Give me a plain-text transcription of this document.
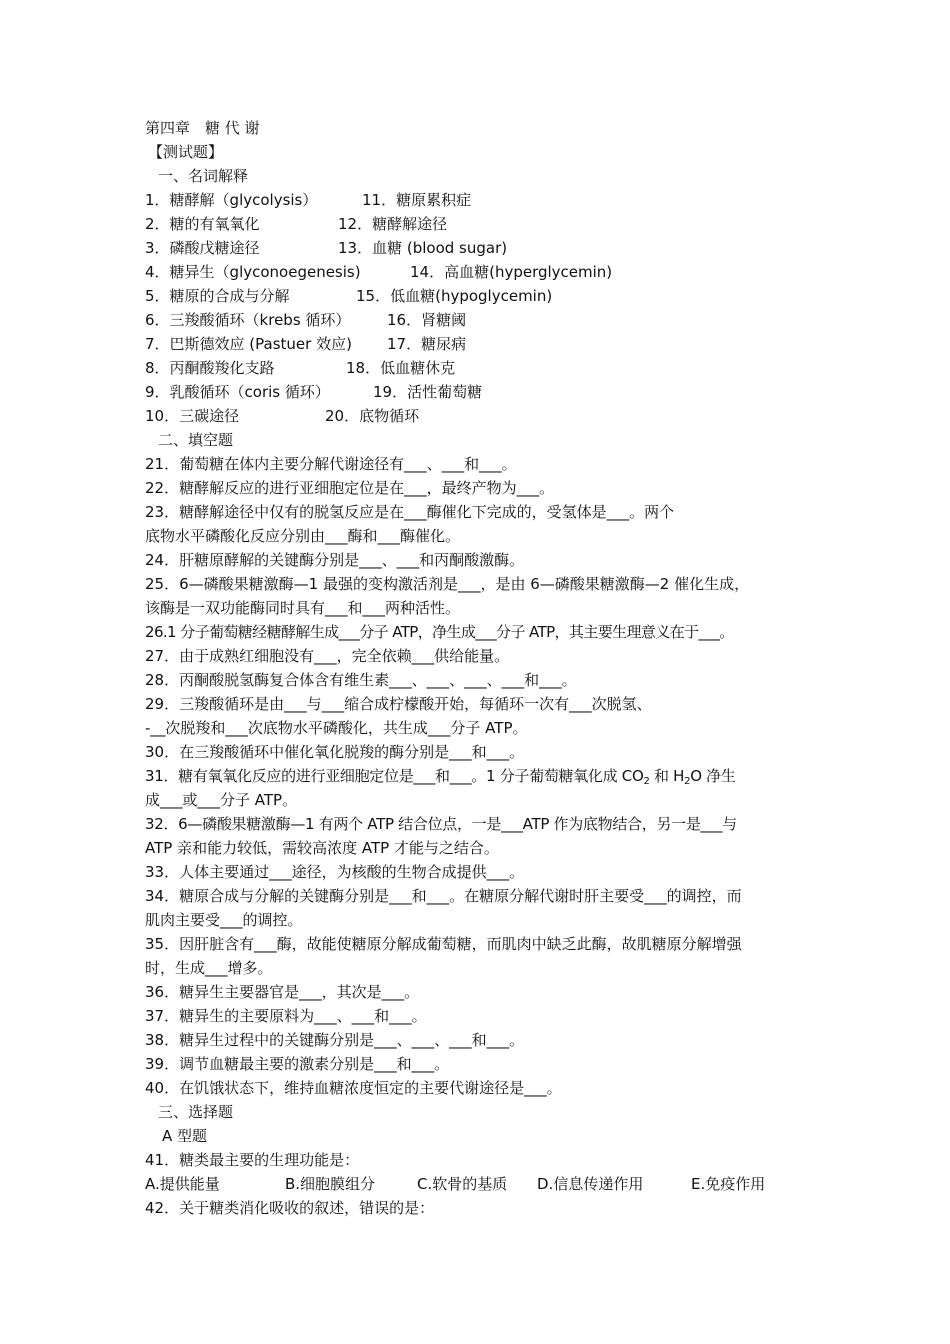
第四章　糖 代 谢
【测试题】
一、名词解释
1．糖酵解（glycolysis）	11．糖原累积症
2．糖的有氧氧化	12．糖酵解途径
3．磷酸戊糖途径	13．血糖 (blood sugar)
4．糖异生（glyconoegenesis)	14．高血糖(hyperglycemin)
5．糖原的合成与分解	15．低血糖(hypoglycemin)
6．三羧酸循环（krebs 循环） 16．肾糖阈
7．巴斯德效应 (Pastuer 效应) 17．糖尿病
8．丙酮酸羧化支路	18．低血糖休克
9．乳酸循环（coris 循环）	19．活性葡萄糖
10．三碳途径	20．底物循环
二、填空题
21．葡萄糖在体内主要分解代谢途径有___、___和___。
22．糖酵解反应的进行亚细胞定位是在___，最终产物为___。
23．糖酵解途径中仅有的脱氢反应是在___酶催化下完成的，受氢体是___。两个
底物水平磷酸化反应分别由___酶和___酶催化。
24．肝糖原酵解的关键酶分别是___、___和丙酮酸激酶。
25．6—磷酸果糖激酶—1 最强的变构激活剂是___，是由 6—磷酸果糖激酶—2 催化生成，
该酶是一双功能酶同时具有___和___两种活性。
26.1 分子葡萄糖经糖酵解生成___分子 ATP，净生成___分子 ATP，其主要生理意义在于___。
27．由于成熟红细胞没有___，完全依赖___供给能量。
28．丙酮酸脱氢酶复合体含有维生素___、___、___、___和___。
29．三羧酸循环是由___与___缩合成柠檬酸开始，每循环一次有___次脱氢、
-__次脱羧和___次底物水平磷酸化，共生成___分子 ATP。
30．在三羧酸循环中催化氧化脱羧的酶分别是___和___。
31．糖有氧氧化反应的进行亚细胞定位是___和___。1 分子葡萄糖氧化成 $CO_2$ 和 $H_2O$ 净生
成___或___分子 ATP。
32．6—磷酸果糖激酶—1 有两个 ATP 结合位点，一是___ATP 作为底物结合，另一是___与
ATP 亲和能力较低，需较高浓度 ATP 才能与之结合。
33．人体主要通过___途径，为核酸的生物合成提供___。
34．糖原合成与分解的关键酶分别是___和___。在糖原分解代谢时肝主要受___的调控，而
肌肉主要受___的调控。
35．因肝脏含有___酶，故能使糖原分解成葡萄糖，而肌肉中缺乏此酶，故肌糖原分解增强
时，生成___增多。
36．糖异生主要器官是___，其次是___。
37．糖异生的主要原料为___、___和___。
38．糖异生过程中的关键酶分别是___、___、___和___。
39．调节血糖最主要的激素分别是___和___。
40．在饥饿状态下，维持血糖浓度恒定的主要代谢途径是___。
三、选择题
A 型题
41．糖类最主要的生理功能是：
A.提供能量	B.细胞膜组分	C.软骨的基质 D.信息传递作用	E.免疫作用
42．关于糖类消化吸收的叙述，错误的是：
